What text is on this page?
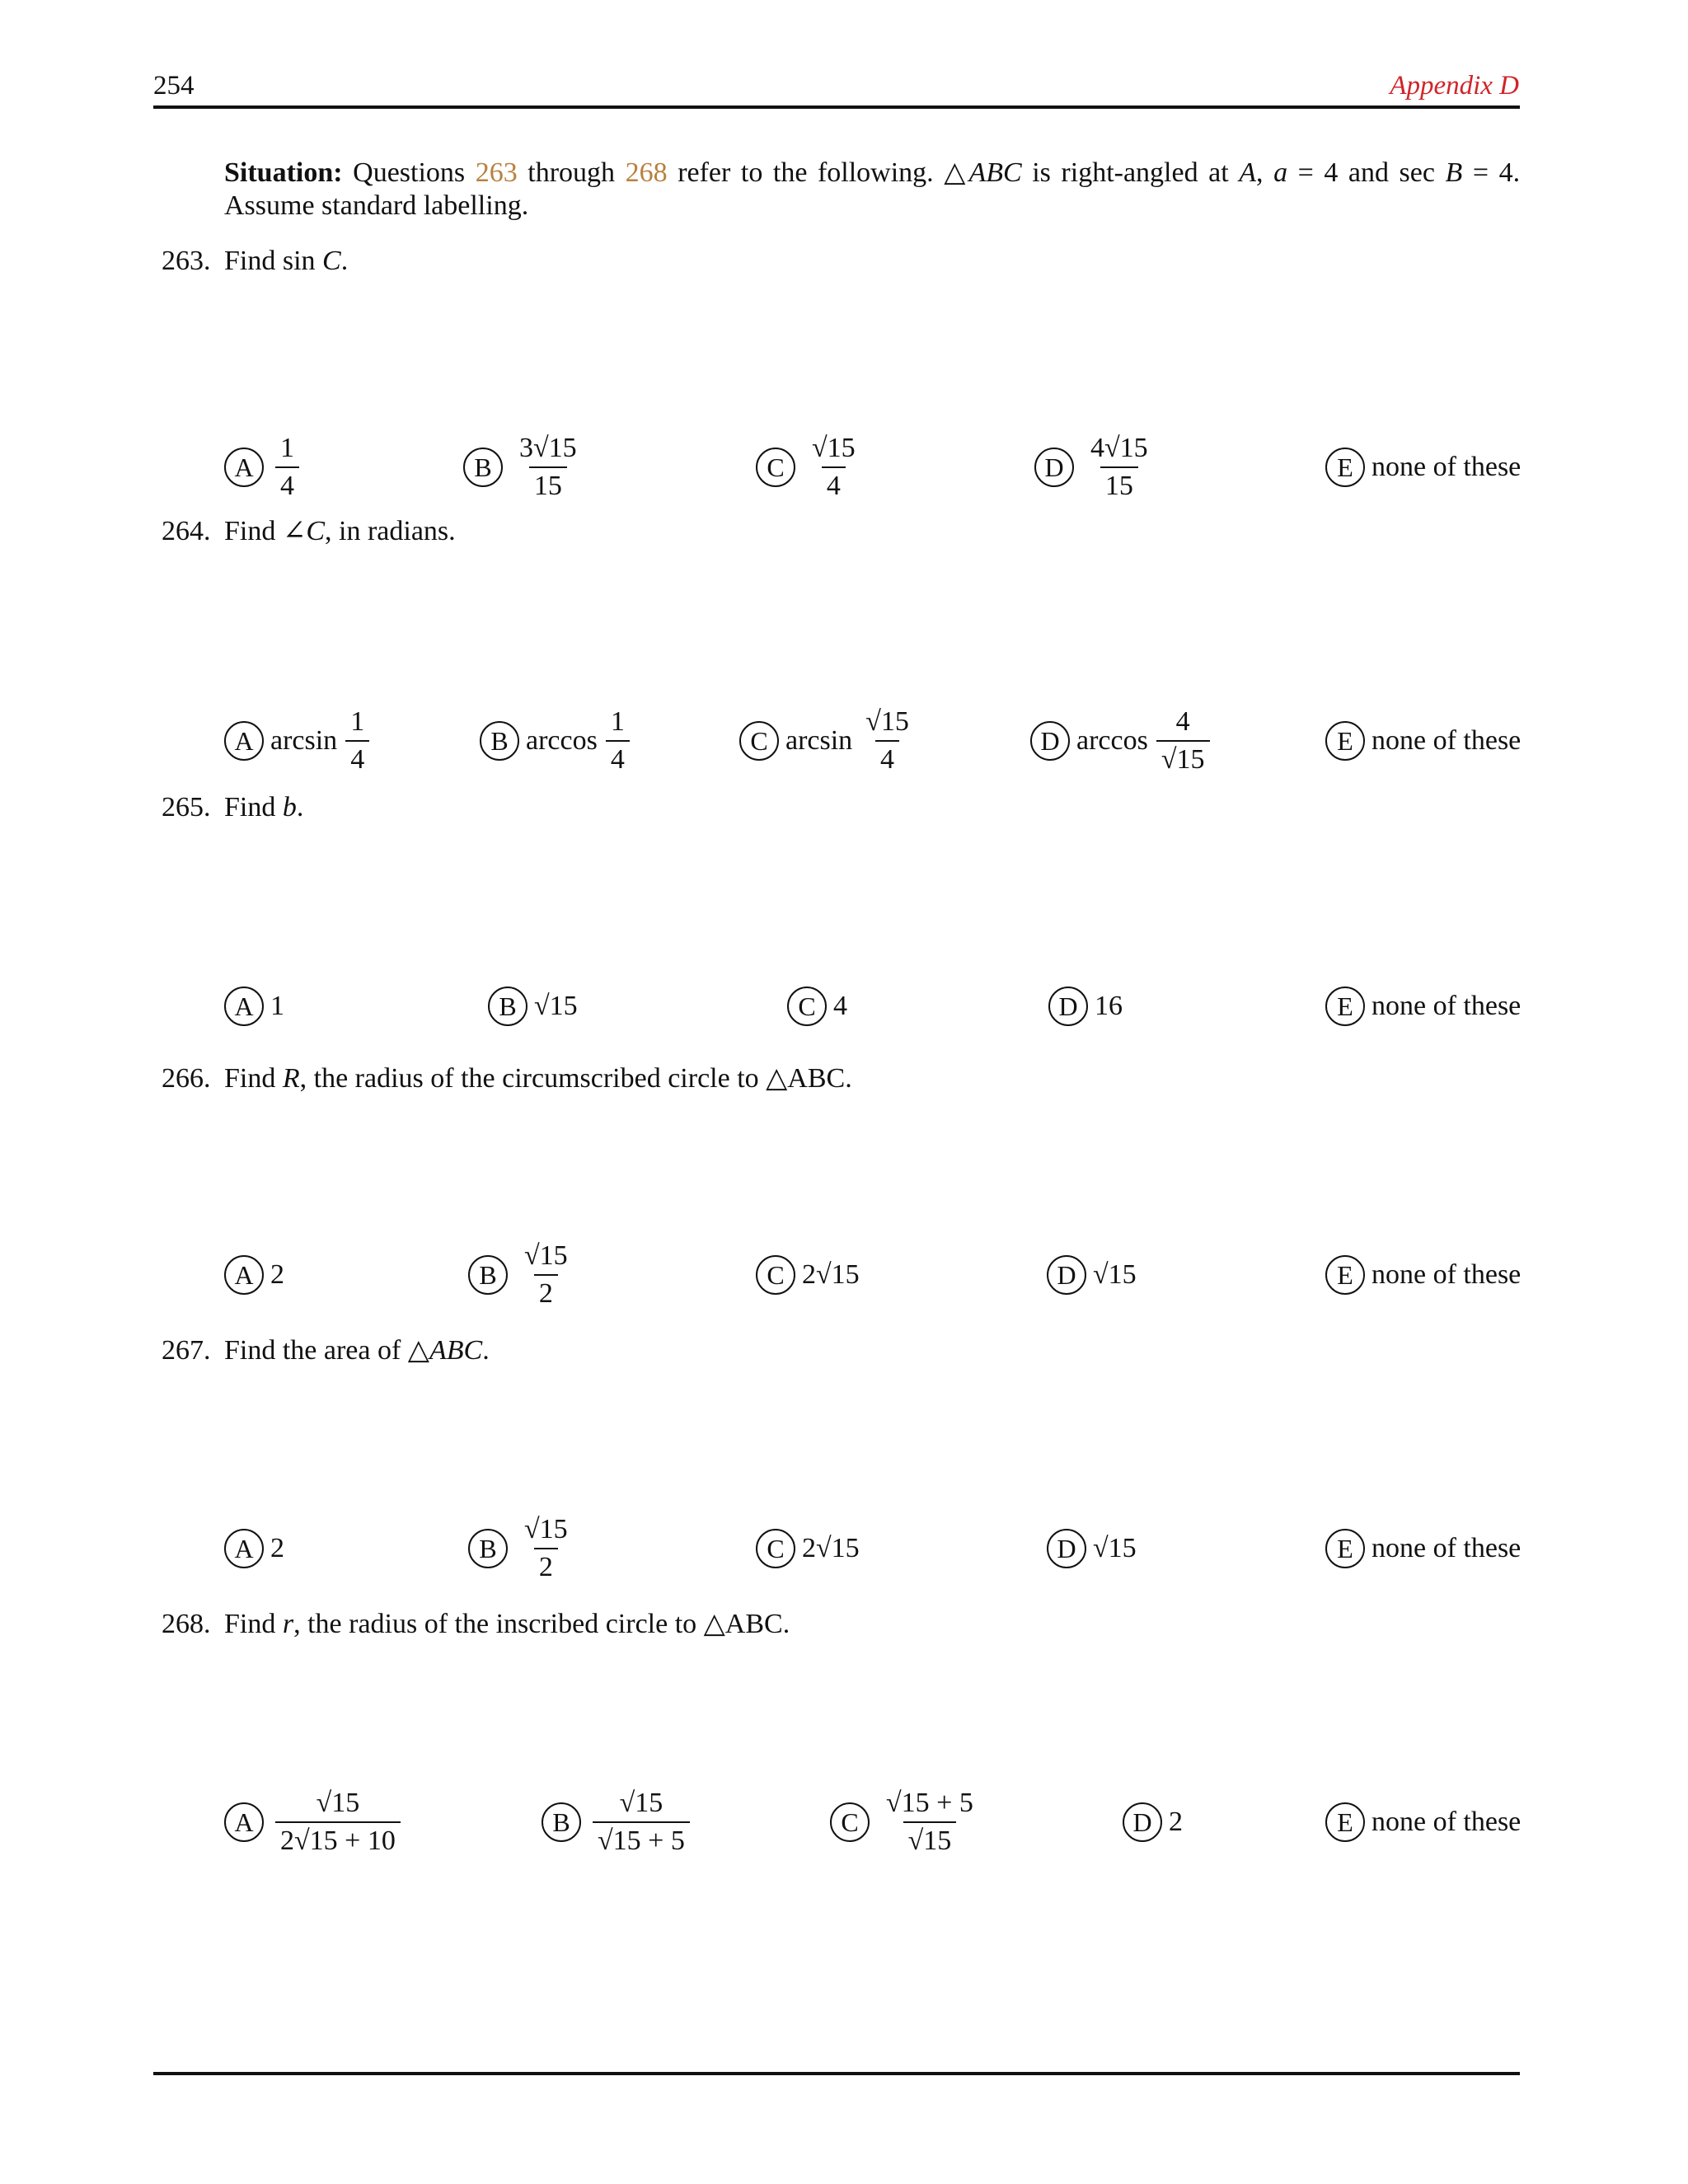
254	Appendix D
Situation: Questions 263 through 268 refer to the following. △ABC is right-angled at A, a = 4 and sec B = 4. Assume standard labelling.
263. Find sin C.
A $\frac{1}{4}$	B $\frac{3√15}{15}$	C $\frac{√15}{4}$	D $\frac{4√15}{15}$	E none of these
264. Find ∠C, in radians.
A $\arcsin \frac{1}{4}$	B $\arccos \frac{1}{4}$	C $\arcsin \frac{√15}{4}$	D $\arccos \frac{4}{√15}$	E none of these
265. Find b.
A 1	B √15	C 4	D 16	E none of these
266. Find R, the radius of the circumscribed circle to △ABC.
A 2	B $\frac{√15}{2}$	C 2√15	D √15	E none of these
267. Find the area of △ABC.
A 2	B $\frac{√15}{2}$	C 2√15	D √15	E none of these
268. Find r, the radius of the inscribed circle to △ABC.
A $\frac{√15}{2√15 + 10}$	B $\frac{√15}{√15 + 5}$	C $\frac{√15 + 5}{√15}$	D 2	E none of these
